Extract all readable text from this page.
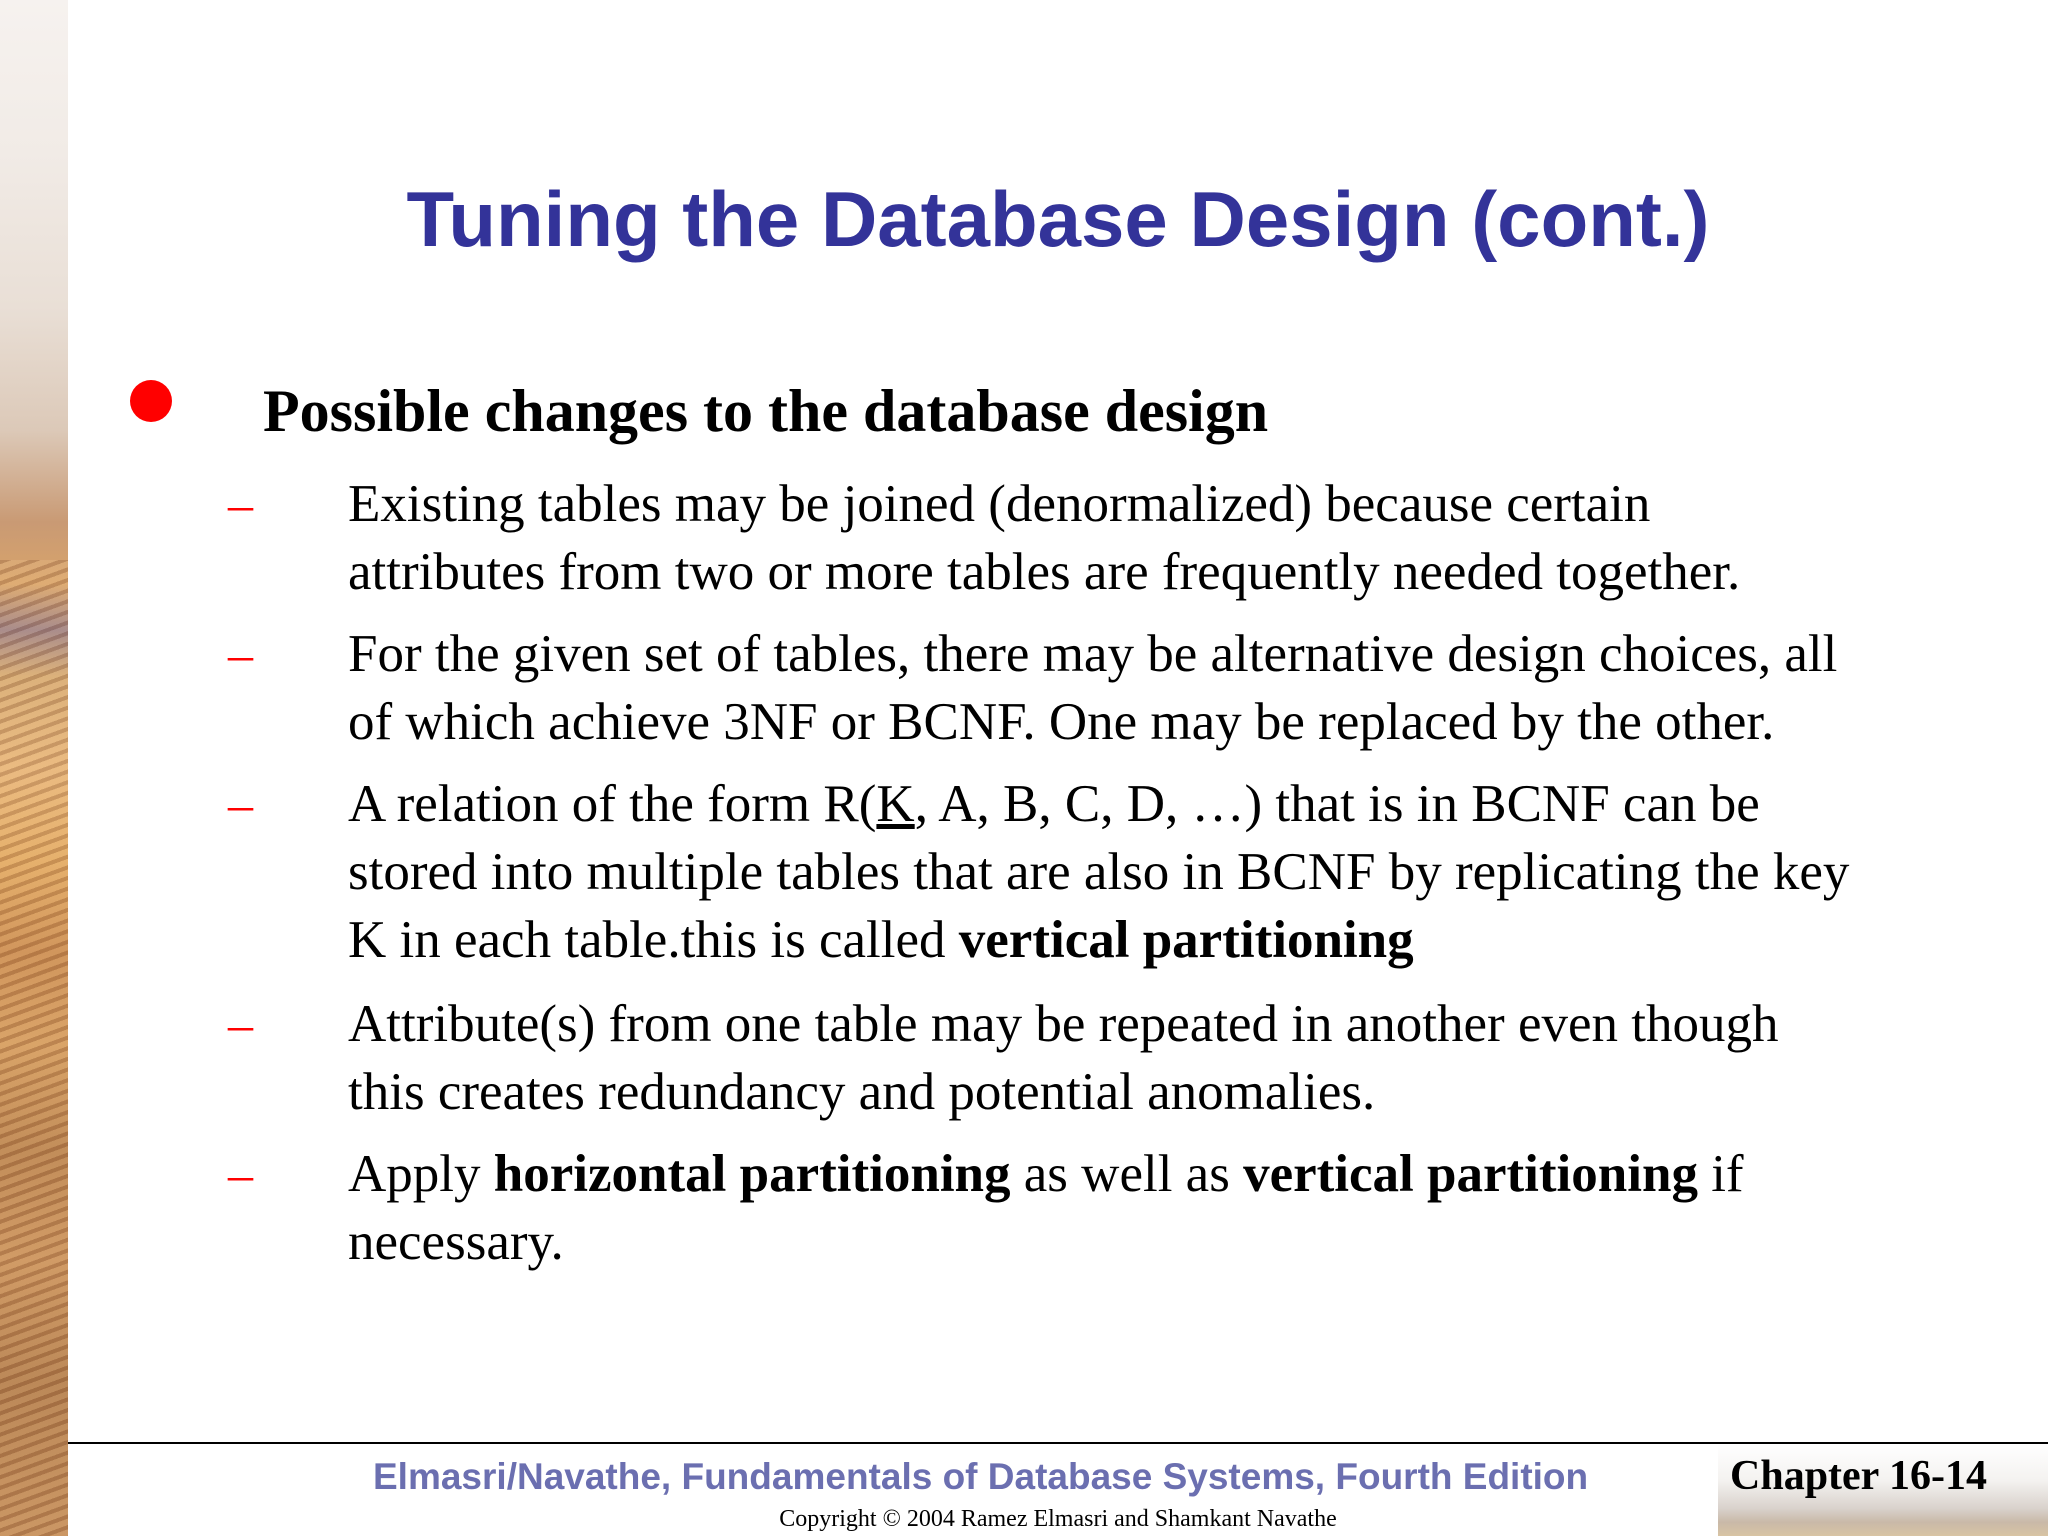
Tuning the Database Design (cont.)
Possible changes to the database design
– Existing tables may be joined (denormalized) because certain
attributes from two or more tables are frequently needed together.
– For the given set of tables, there may be alternative design choices, all
of which achieve 3NF or BCNF. One may be replaced by the other.
– A relation of the form R(K, A, B, C, D, …) that is in BCNF can be
stored into multiple tables that are also in BCNF by replicating the key
K in each table.this is called vertical partitioning
– Attribute(s) from one table may be repeated in another even though
this creates redundancy and potential anomalies.
– Apply horizontal partitioning as well as vertical partitioning if
necessary.
Elmasri/Navathe, Fundamentals of Database Systems, Fourth Edition	Chapter 16-14
Copyright © 2004 Ramez Elmasri and Shamkant Navathe
